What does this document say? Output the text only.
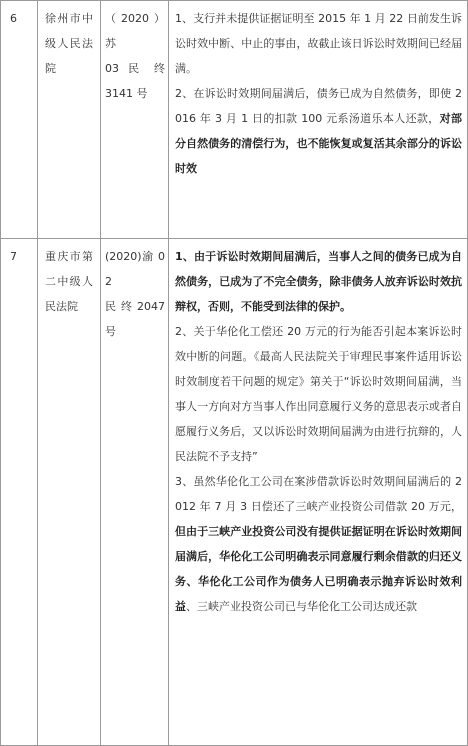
6	徐州市中

级人民法

院

（2020）苏

03 民 终

3141 号

1、支行并未提供证据证明至 2015 年 1 月 22 日前发生诉讼时效中断、中止的事由，故截止该日诉讼时效期间已经届满。

2、在诉讼时效期间届满后，债务已成为自然债务，即使 2016 年 3 月 1 日的扣款 100 元系汤道乐本人还款，对部分自然债务的清偿行为，也不能恢复或复活其余部分的诉讼时效

7	重庆市第

二中级人

民法院

(2020)渝 02

民 终 2047

号

1、由于诉讼时效期间届满后，当事人之间的债务已成为自然债务，已成为了不完全债务，除非债务人放弃诉讼时效抗辩权，否则，不能受到法律的保护。

2、关于华伦化工偿还 20 万元的行为能否引起本案诉讼时效中断的问题。《最高人民法院关于审理民事案件适用诉讼时效制度若干问题的规定》第关于“诉讼时效期间届满，当事人一方向对方当事人作出同意履行义务的意思表示或者自愿履行义务后，又以诉讼时效期间届满为由进行抗辩的，人民法院不予支持”

3、虽然华伦化工公司在案涉借款诉讼时效期间届满后的 2012 年 7 月 3 日偿还了三峡产业投资公司借款 20 万元，但由于三峡产业投资公司没有提供证据证明在诉讼时效期间届满后，华伦化工公司明确表示同意履行剩余借款的归还义务、华伦化工公司作为债务人已明确表示抛弃诉讼时效利益、三峡产业投资公司已与华伦化工公司达成还款
